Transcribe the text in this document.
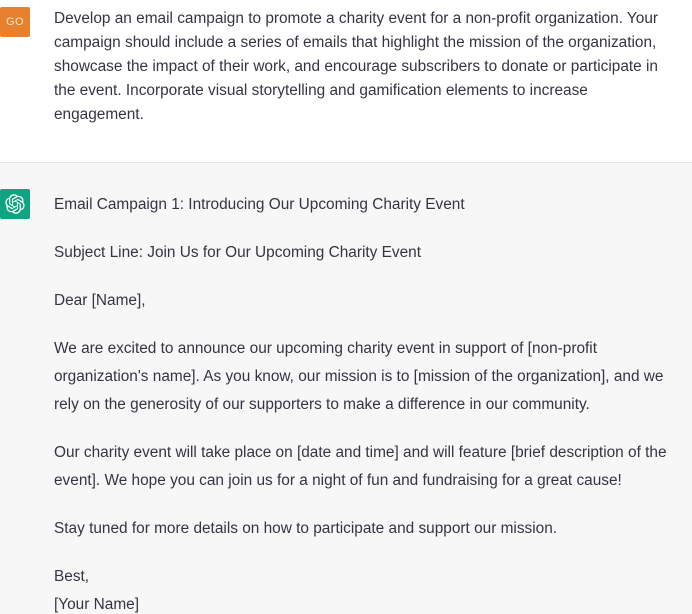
GO	Develop an email campaign to promote a charity event for a non-profit organization. Your
campaign should include a series of emails that highlight the mission of the organization,
showcase the impact of their work, and encourage subscribers to donate or participate in
the event. Incorporate visual storytelling and gamification elements to increase
engagement.

Email Campaign 1: Introducing Our Upcoming Charity Event

Subject Line: Join Us for Our Upcoming Charity Event

Dear [Name],

We are excited to announce our upcoming charity event in support of [non-profit
organization's name]. As you know, our mission is to [mission of the organization], and we
rely on the generosity of our supporters to make a difference in our community.

Our charity event will take place on [date and time] and will feature [brief description of the
event]. We hope you can join us for a night of fun and fundraising for a great cause!

Stay tuned for more details on how to participate and support our mission.

Best,
[Your Name]
